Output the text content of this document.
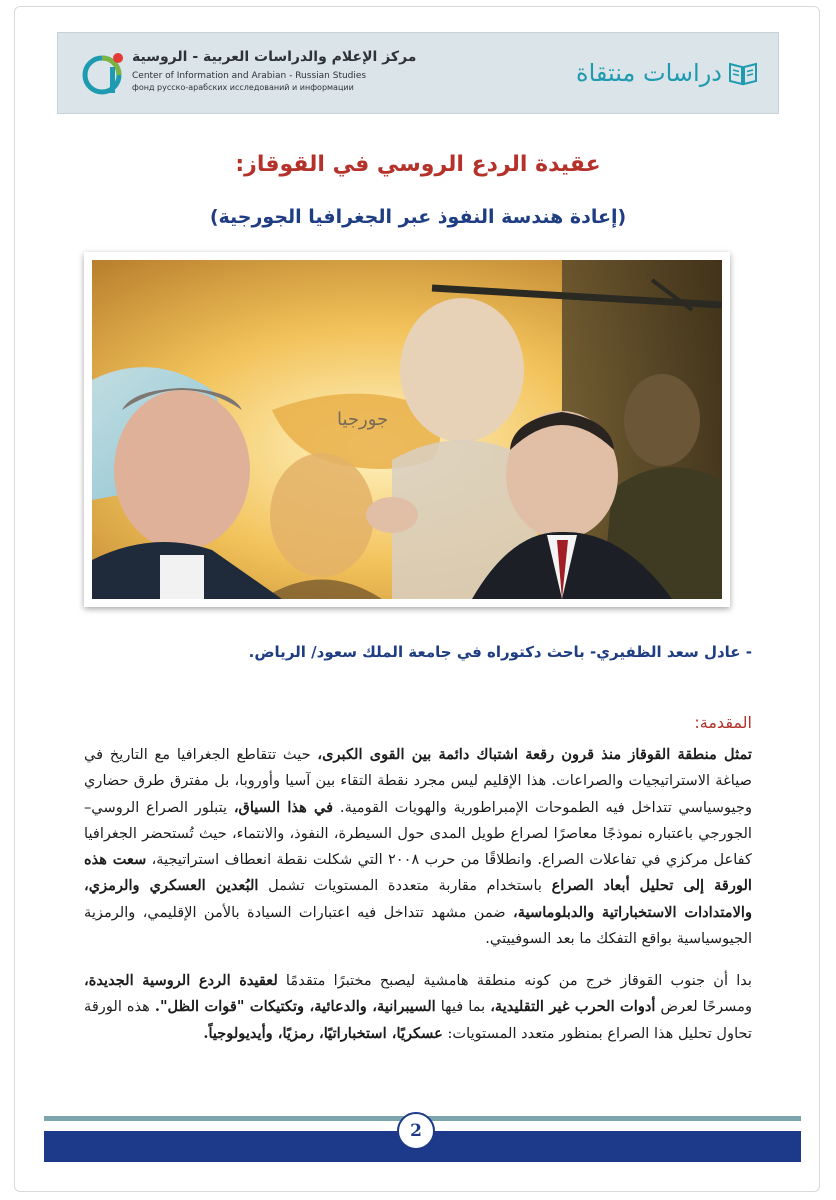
مركز الإعلام والدراسات العربية - الروسية
Center of Information and Arabian - Russian Studies
фонд русско-арабских исследований и информации
دراسات منتقاة
عقيدة الردع الروسي في القوقاز:
(إعادة هندسة النفوذ عبر الجغرافيا الجورجية)
جورجيا
- عادل سعد الظفيري- باحث دكتوراه في جامعة الملك سعود/ الرياض.
المقدمة:

تمثل منطقة القوقاز منذ قرون رقعة اشتباك دائمة بين القوى الكبرى، حيث تتقاطع الجغرافيا مع التاريخ في صياغة الاستراتيجيات والصراعات. هذا الإقليم ليس مجرد نقطة التقاء بين آسيا وأوروبا، بل مفترق طرق حضاري وجيوسياسي تتداخل فيه الطموحات الإمبراطورية والهويات القومية. في هذا السياق، يتبلور الصراع الروسي–الجورجي باعتباره نموذجًا معاصرًا لصراع طويل المدى حول السيطرة، النفوذ، والانتماء، حيث تُستحضر الجغرافيا كفاعل مركزي في تفاعلات الصراع. وانطلاقًا من حرب ٢٠٠٨ التي شكلت نقطة انعطاف استراتيجية، سعت هذه الورقة إلى تحليل أبعاد الصراع باستخدام مقاربة متعددة المستويات تشمل البُعدين العسكري والرمزي، والامتدادات الاستخباراتية والدبلوماسية، ضمن مشهد تتداخل فيه اعتبارات السيادة بالأمن الإقليمي، والرمزية الجيوسياسية بواقع التفكك ما بعد السوفييتي.

بدا أن جنوب القوقاز خرج من كونه منطقة هامشية ليصبح مختبرًا متقدمًا لعقيدة الردع الروسية الجديدة، ومسرحًا لعرض أدوات الحرب غير التقليدية، بما فيها السيبرانية، والدعائية، وتكتيكات "قوات الظل". هذه الورقة تحاول تحليل هذا الصراع بمنظور متعدد المستويات: عسكريًا، استخباراتيًا، رمزيًا، وأيديولوجياً.

2
